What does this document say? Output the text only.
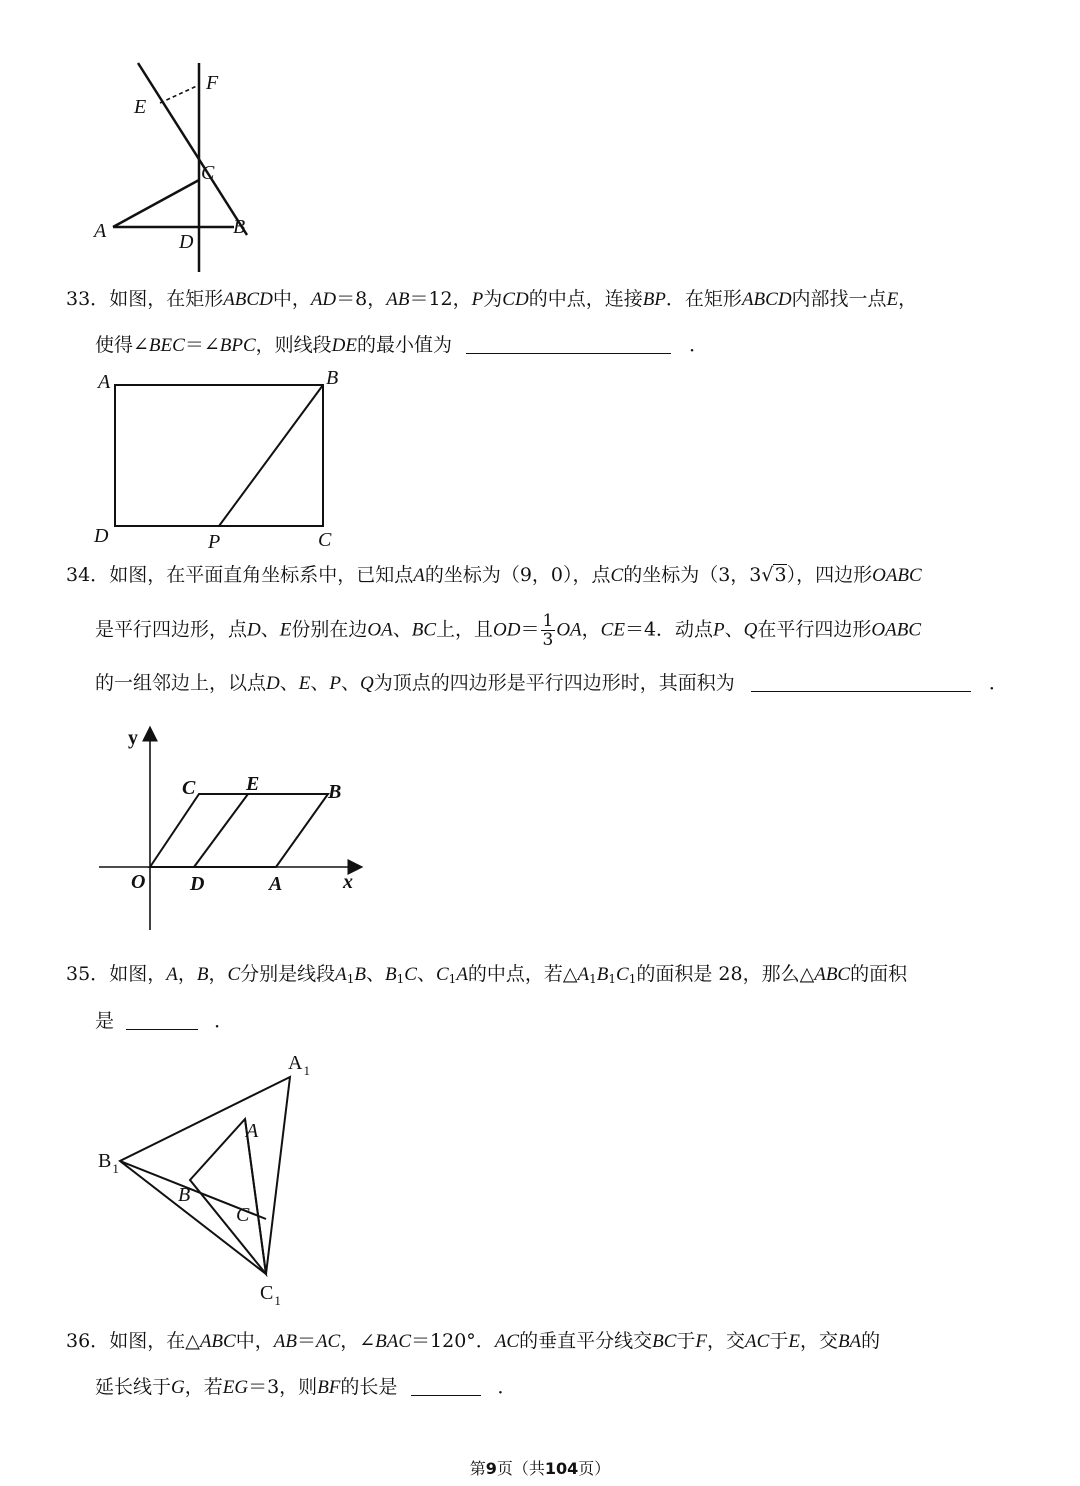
E
F
C
A	B
D
33．如图，在矩形ABCD中，AD＝8，AB＝12，P为CD的中点，连接BP．在矩形ABCD内部找一点E，
使得∠BEC＝∠BPC，则线段DE的最小值为	．
A	B
C
D	P
34．如图，在平面直角坐标系中，已知点A的坐标为（9，0），点C的坐标为（3，3√3），四边形OABC
是平行四边形，点D、E份别在边OA、BC上，且$OD= \frac{1}{3}$ OA，CE＝4．动点P、Q在平行四边形OABC
的一组邻边上，以点D、E、P、Q为顶点的四边形是平行四边形时，其面积为	．
y
x
O
C	E	B
D	A
35．如图，A，B，C分别是线段$A_1B$、$B_1C$、$C_1A$的中点，若$\triangle A_1B_1C_1$的面积是 28，那么△ABC的面积
是	．
$A_1$
$B_1$
$C_1$
A
B
C
36．如图，在△ABC中，AB＝AC，∠BAC＝120°．AC的垂直平分线交BC于F，交AC于E，交BA的
延长线于G，若EG＝3，则BF的长是	．
第9页（共104页）
